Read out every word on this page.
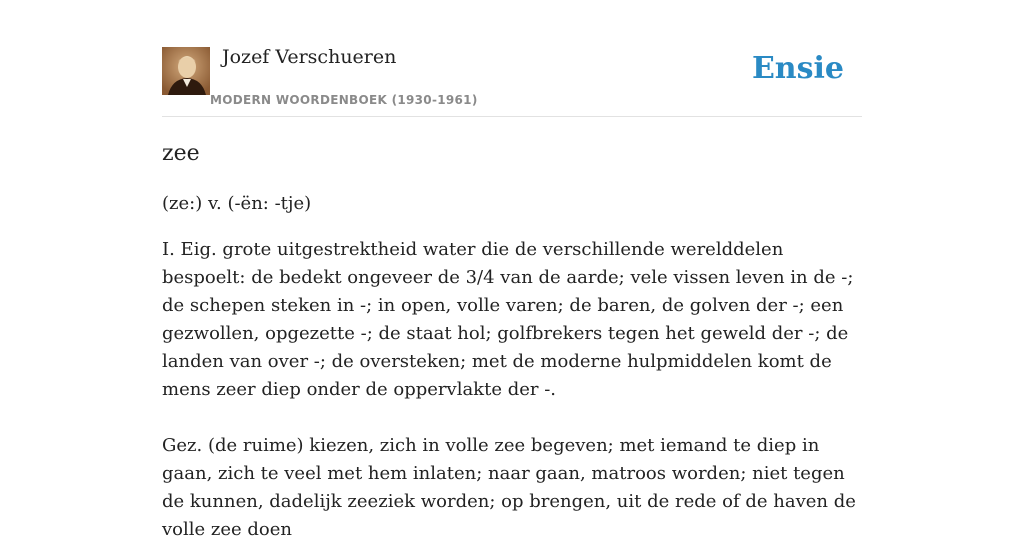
Jozef Verschueren
MODERN WOORDENBOEK (1930-1961)
Ensie
zee

(ze:) v. (-ën: -tje)

I. Eig. grote uitgestrektheid water die de verschillende werelddelen bespoelt: de bedekt ongeveer de 3/4 van de aarde; vele vissen leven in de -; de schepen steken in -; in open, volle varen; de baren, de golven der -; een gezwollen, opgezette -; de staat hol; golfbrekers tegen het geweld der -; de landen van over -; de oversteken; met de moderne hulpmiddelen komt de mens zeer diep onder de oppervlakte der -.

Gez. (de ruime) kiezen, zich in volle zee begeven; met iemand te diep in gaan, zich te veel met hem inlaten; naar gaan, matroos worden; niet tegen de kunnen, dadelijk zeeziek worden; op brengen, uit de rede of de haven de volle zee doen
